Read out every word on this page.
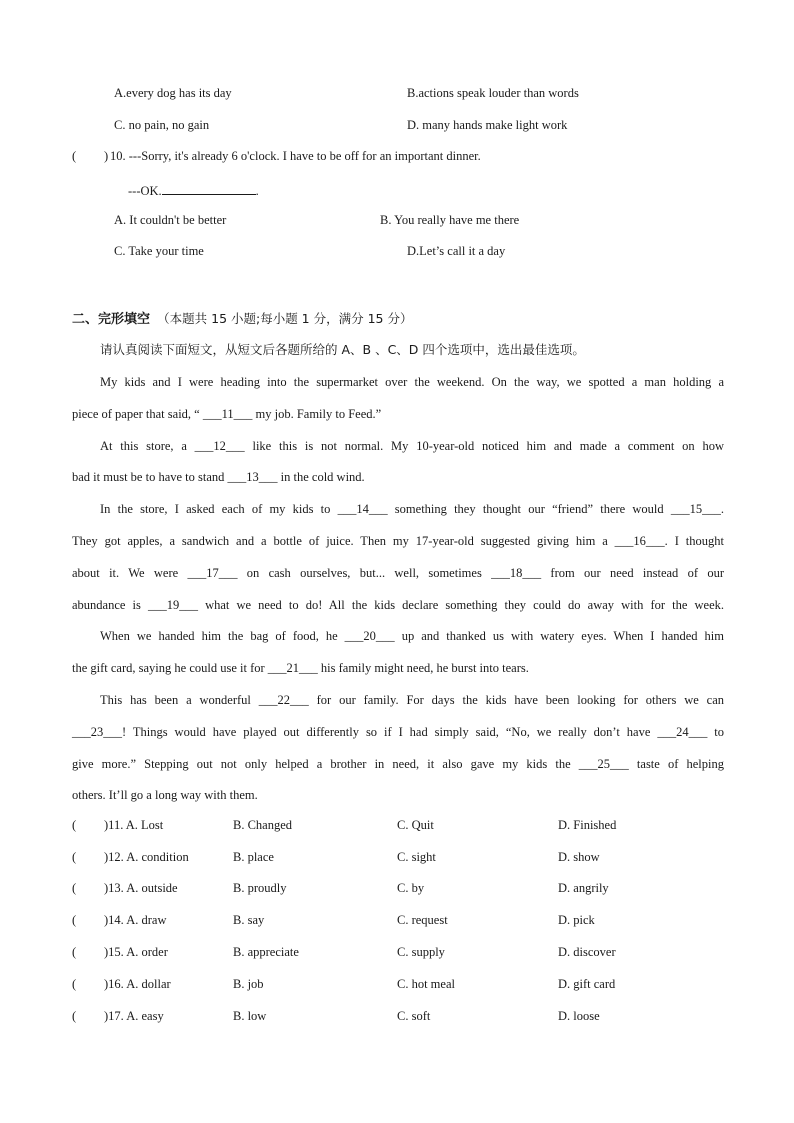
A.every dog has its day	B.actions speak louder than words
C. no pain, no gain	D. many hands make light work
( ) 10. ---Sorry, it's already 6 o'clock. I have to be off for an important dinner.
---OK.	.
A. It couldn't be better	B. You really have me there
C. Take your time	D.Let’s call it a day
二、完形填空 （本题共 15 小题;每小题 1 分，满分 15 分）
请认真阅读下面短文，从短文后各题所给的 A、B 、C、D 四个选项中，选出最佳选项。
My kids and I were heading into the supermarket over the weekend. On the way, we spotted a man holding a
piece of paper that said, “ ___11___ my job. Family to Feed.”
At this store, a ___12___ like this is not normal. My 10-year-old noticed him and made a comment on how
bad it must be to have to stand ___13___ in the cold wind.
In the store, I asked each of my kids to ___14___ something they thought our “friend” there would ___15___.
They got apples, a sandwich and a bottle of juice. Then my 17-year-old suggested giving him a ___16___. I thought
about it. We were ___17___ on cash ourselves, but... well, sometimes ___18___ from our need instead of our
abundance is ___19___ what we need to do! All the kids declare something they could do away with for the week.
When we handed him the bag of food, he ___20___ up and thanked us with watery eyes. When I handed him
the gift card, saying he could use it for ___21___ his family might need, he burst into tears.
This has been a wonderful ___22___ for our family. For days the kids have been looking for others we can
___23___! Things would have played out differently so if I had simply said, “No, we really don’t have ___24___ to
give more.” Stepping out not only helped a brother in need, it also gave my kids the ___25___ taste of helping
others. It’ll go a long way with them.
( )11. A. Lost	B. Changed	C. Quit	D. Finished
( )12. A. condition	B. place	C. sight	D. show
( )13. A. outside	B. proudly	C. by	D. angrily
( )14. A. draw	B. say	C. request	D. pick
( )15. A. order	B. appreciate	C. supply	D. discover
( )16. A. dollar	B. job	C. hot meal	D. gift card
( )17. A. easy	B. low	C. soft	D. loose
